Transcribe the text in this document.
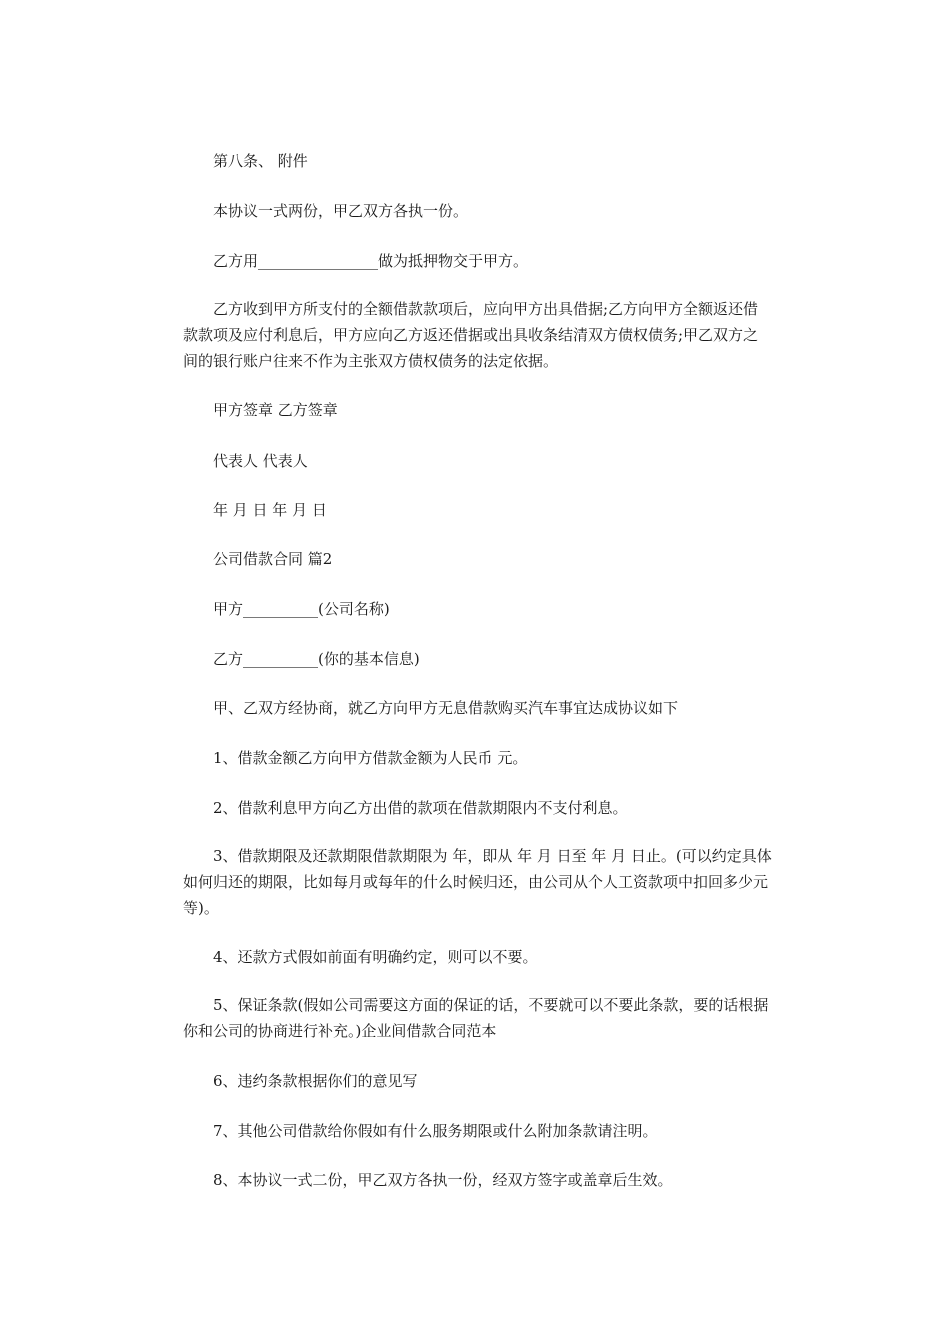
第八条、 附件

本协议一式两份，甲乙双方各执一份。

乙方用________________做为抵押物交于甲方。

乙方收到甲方所支付的全额借款款项后，应向甲方出具借据;乙方向甲方全额返还借款款项及应付利息后，甲方应向乙方返还借据或出具收条结清双方债权债务;甲乙双方之间的银行账户往来不作为主张双方债权债务的法定依据。

甲方签章 乙方签章

代表人 代表人

年 月 日 年 月 日

公司借款合同 篇2

甲方__________(公司名称)

乙方__________(你的基本信息)

甲、乙双方经协商，就乙方向甲方无息借款购买汽车事宜达成协议如下

1、借款金额乙方向甲方借款金额为人民币 元。

2、借款利息甲方向乙方出借的款项在借款期限内不支付利息。

3、借款期限及还款期限借款期限为 年，即从 年 月 日至 年 月 日止。(可以约定具体如何归还的期限，比如每月或每年的什么时候归还，由公司从个人工资款项中扣回多少元等)。

4、还款方式假如前面有明确约定，则可以不要。

5、保证条款(假如公司需要这方面的保证的话，不要就可以不要此条款，要的话根据你和公司的协商进行补充。)企业间借款合同范本

6、违约条款根据你们的意见写

7、其他公司借款给你假如有什么服务期限或什么附加条款请注明。

8、本协议一式二份，甲乙双方各执一份，经双方签字或盖章后生效。
